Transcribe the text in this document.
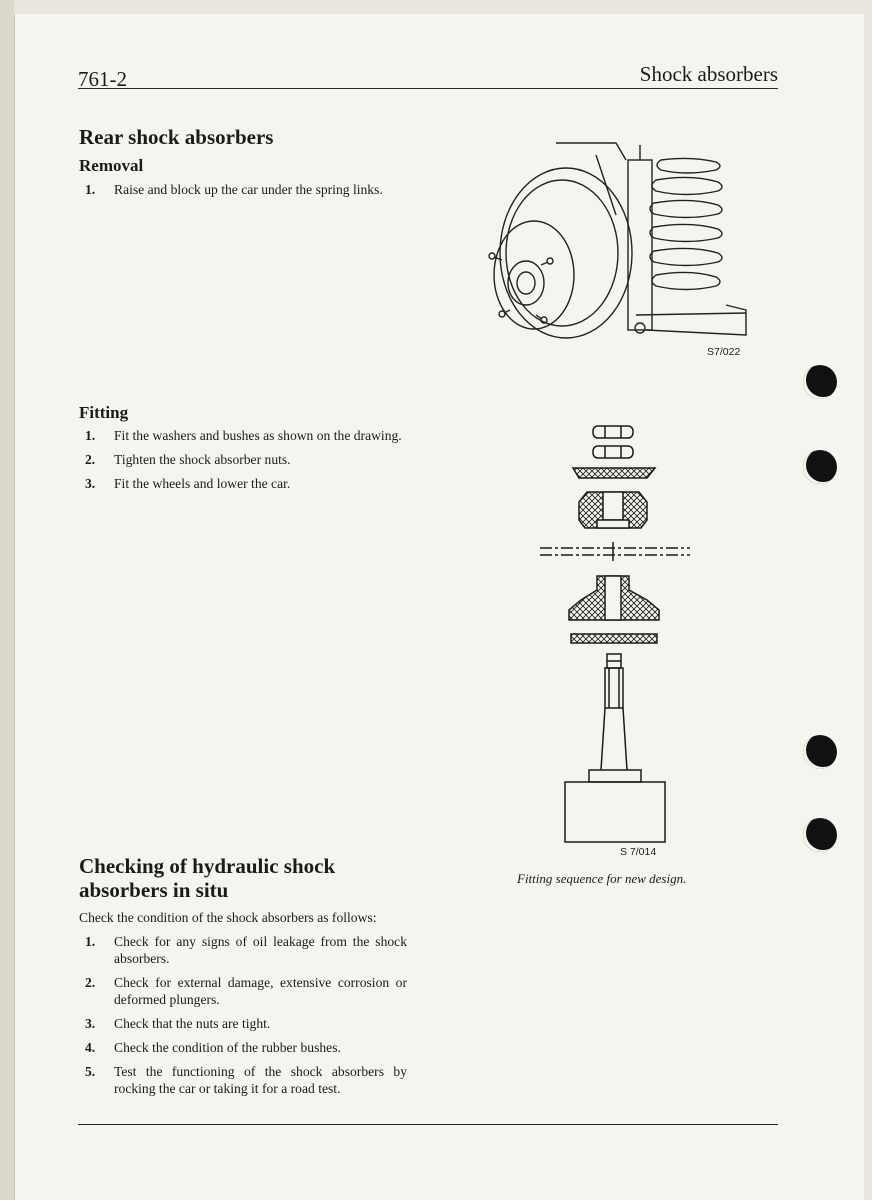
761-2	Shock absorbers
Rear shock absorbers
Removal
1.	Raise and block up the car under the spring links.
Fitting
1.	Fit the washers and bushes as shown on the drawing.
2.	Tighten the shock absorber nuts.
3.	Fit the wheels and lower the car.
Checking of hydraulic shock
absorbers in situ
Check the condition of the shock absorbers as follows:
1.	Check for any signs of oil leakage from the shock absorbers.
2.	Check for external damage, extensive corrosion or deformed plungers.
3.	Check that the nuts are tight.
4.	Check the condition of the rubber bushes.
5.	Test the functioning of the shock absorbers by rocking the car or taking it for a road test.
S7/022
S 7/014
Fitting sequence for new design.
